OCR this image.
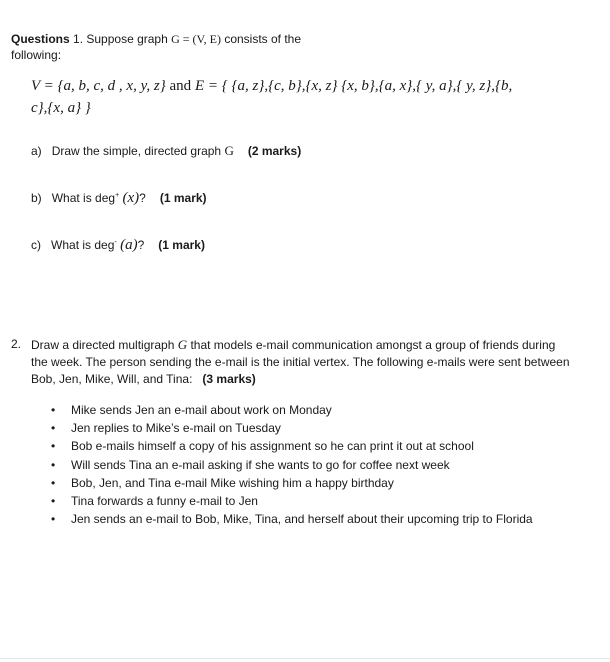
Questions 1. Suppose graph G = (V, E) consists of the following:
V = {a, b, c, d , x, y, z} and E = { {a, z},{c, b},{x, z} {x, b},{a, x},{ y, a},{ y, z},{b,
c},{x, a} }
a) Draw the simple, directed graph G (2 marks)
b) What is deg+ (x)? (1 mark)
c) What is deg- (a)? (1 mark)
2. Draw a directed multigraph G that models e-mail communication amongst a group of friends during the week. The person sending the e-mail is the initial vertex. The following e-mails were sent between Bob, Jen, Mike, Will, and Tina: (3 marks)
• Mike sends Jen an e-mail about work on Monday
• Jen replies to Mike’s e-mail on Tuesday
• Bob e-mails himself a copy of his assignment so he can print it out at school
• Will sends Tina an e-mail asking if she wants to go for coffee next week
• Bob, Jen, and Tina e-mail Mike wishing him a happy birthday
• Tina forwards a funny e-mail to Jen
• Jen sends an e-mail to Bob, Mike, Tina, and herself about their upcoming trip to Florida
